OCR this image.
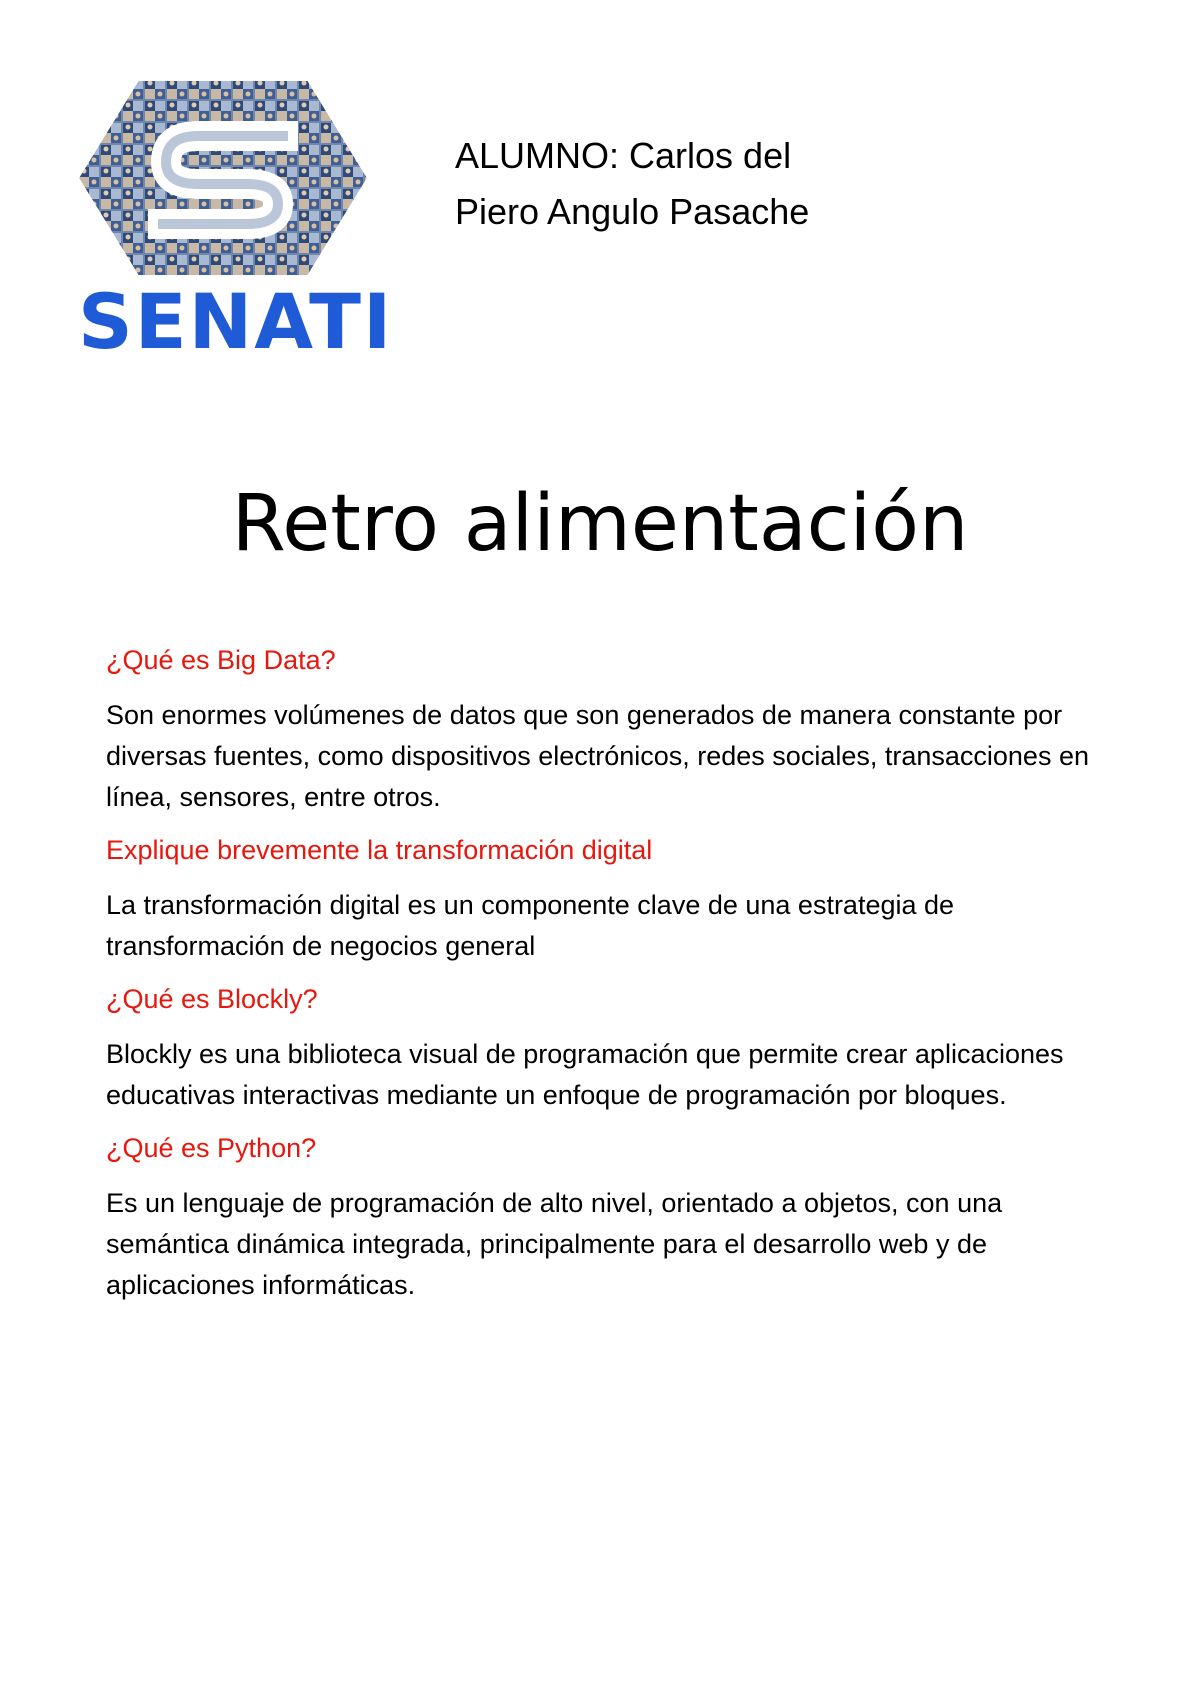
SENATI
ALUMNO: Carlos del
Piero Angulo Pasache
Retro alimentación

¿Qué es Big Data?

Son enormes volúmenes de datos que son generados de manera constante por diversas fuentes, como dispositivos electrónicos, redes sociales, transacciones en línea, sensores, entre otros.

Explique brevemente la transformación digital

La transformación digital es un componente clave de una estrategia de transformación de negocios general

¿Qué es Blockly?

Blockly es una biblioteca visual de programación que permite crear aplicaciones educativas interactivas mediante un enfoque de programación por bloques.

¿Qué es Python?

Es un lenguaje de programación de alto nivel, orientado a objetos, con una semántica dinámica integrada, principalmente para el desarrollo web y de aplicaciones informáticas.
